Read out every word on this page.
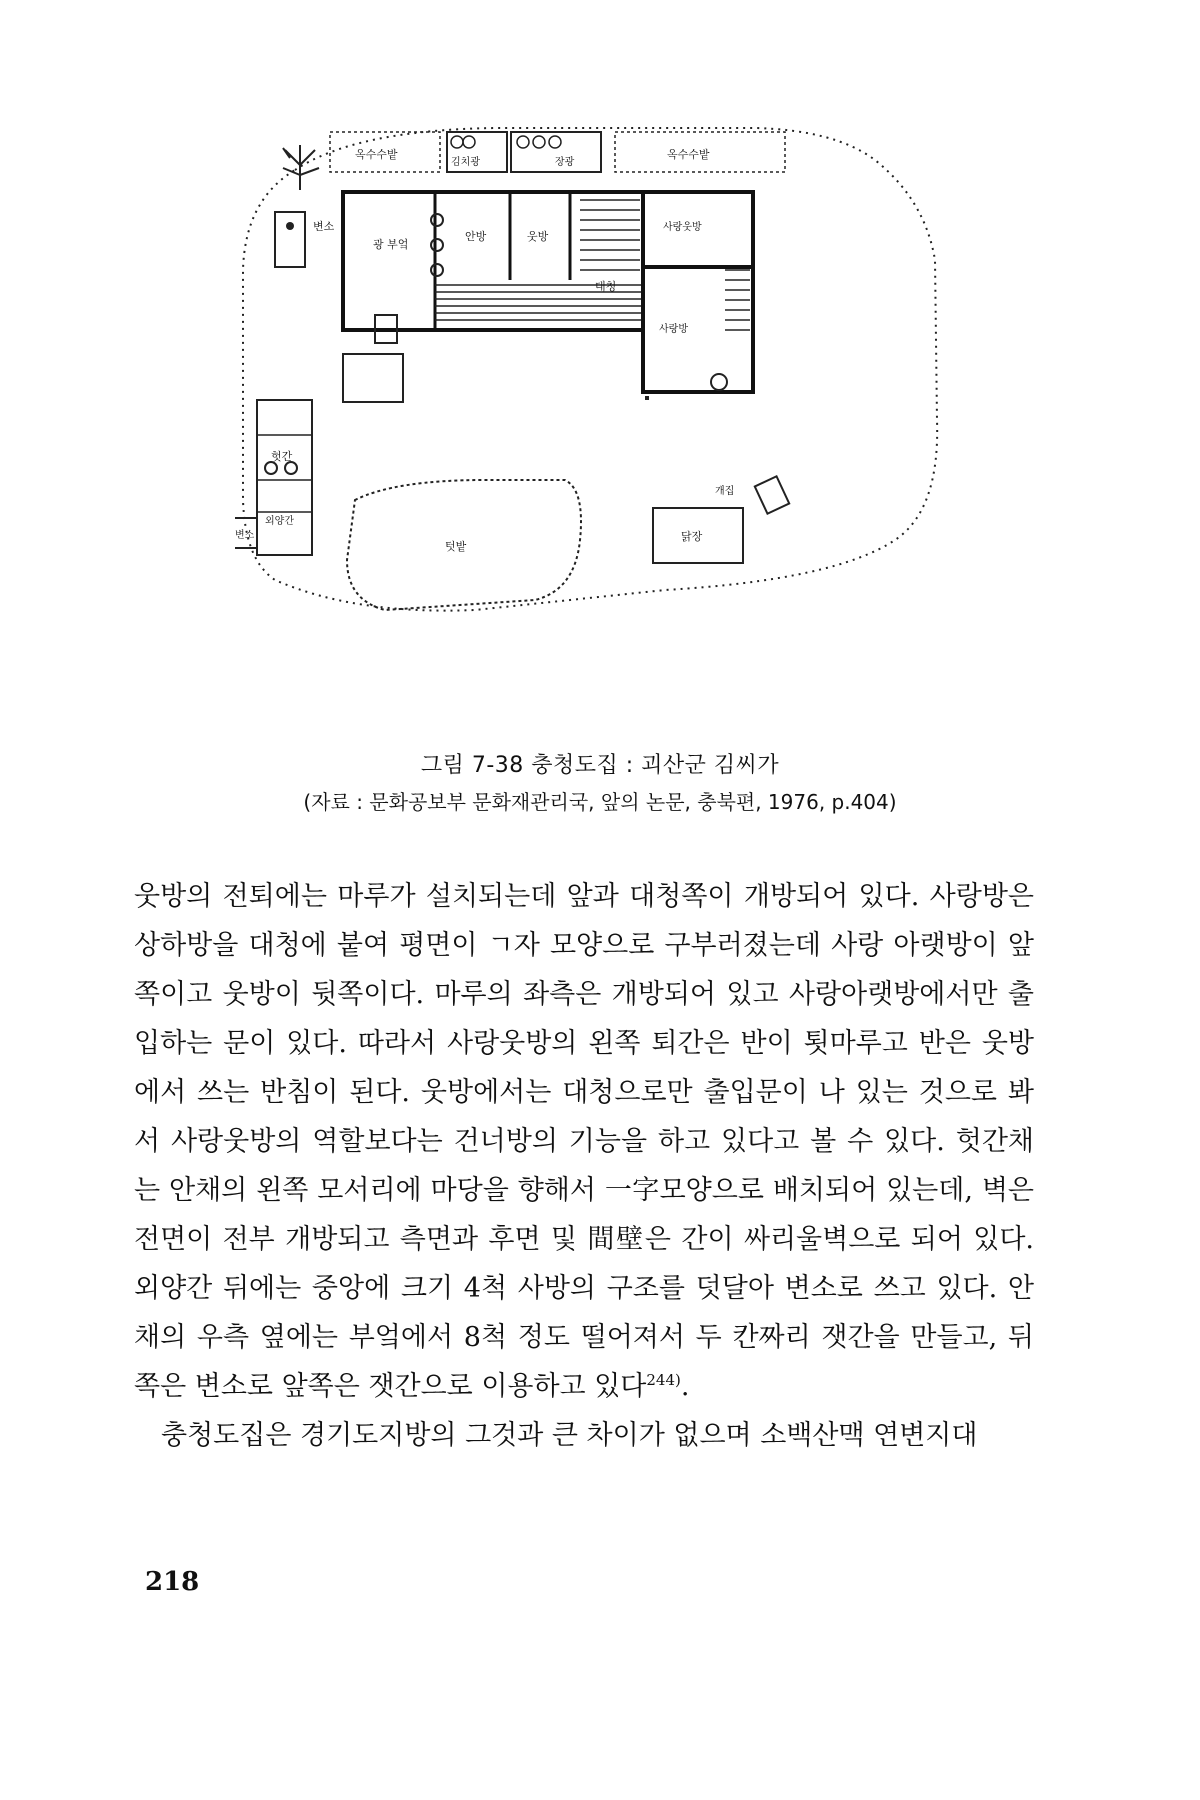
옥수수밭
김치광	장광
옥수수밭
변소
광 부엌
안방	웃방
사랑웃방
대청
사랑방
헛간
외양간
변소
텃밭
개집
닭장
그림 7-38 충청도집 : 괴산군 김씨가
(자료 : 문화공보부 문화재관리국, 앞의 논문, 충북편, 1976, p.404)

웃방의 전퇴에는 마루가 설치되는데 앞과 대청쪽이 개방되어 있다. 사랑방은 상하방을 대청에 붙여 평면이 ㄱ자 모양으로 구부러졌는데 사랑 아랫방이 앞쪽이고 웃방이 뒷쪽이다. 마루의 좌측은 개방되어 있고 사랑아랫방에서만 출입하는 문이 있다. 따라서 사랑웃방의 왼쪽 퇴간은 반이 툇마루고 반은 웃방에서 쓰는 반침이 된다. 웃방에서는 대청으로만 출입문이 나 있는 것으로 봐서 사랑웃방의 역할보다는 건너방의 기능을 하고 있다고 볼 수 있다. 헛간채는 안채의 왼쪽 모서리에 마당을 향해서 一字모양으로 배치되어 있는데, 벽은 전면이 전부 개방되고 측면과 후면 및 間壁은 간이 싸리울벽으로 되어 있다. 외양간 뒤에는 중앙에 크기 4척 사방의 구조를 덧달아 변소로 쓰고 있다. 안채의 우측 옆에는 부엌에서 8척 정도 떨어져서 두 칸짜리 잿간을 만들고, 뒤쪽은 변소로 앞쪽은 잿간으로 이용하고 있다$^{244)}$.

충청도집은 경기도지방의 그것과 큰 차이가 없으며 소백산맥 연변지대

218
